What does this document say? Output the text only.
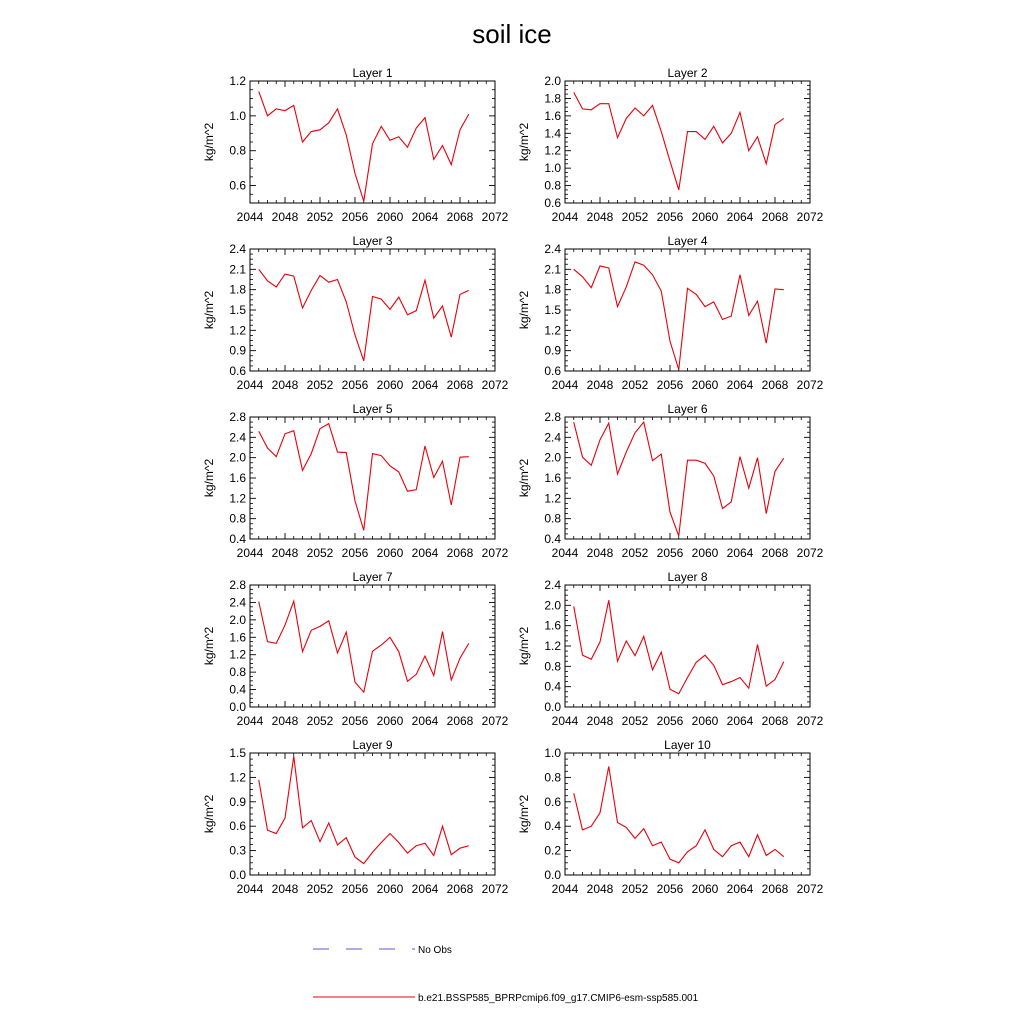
soil ice
2044 2048 2052 2056 2060 2064 2068 2072
0.6
0.8
1.0
1.2
Layer 1
kg/m^2
2044 2048 2052 2056 2060 2064 2068 2072
0.6
0.8
1.0
1.2
1.4
1.6
1.8
2.0
Layer 2
kg/m^2
2044 2048 2052 2056 2060 2064 2068 2072
0.6
0.9
1.2
1.5
1.8
2.1
2.4
Layer 3
kg/m^2
2044 2048 2052 2056 2060 2064 2068 2072
0.6
0.9
1.2
1.5
1.8
2.1
2.4
Layer 4
kg/m^2
2044 2048 2052 2056 2060 2064 2068 2072
0.4
0.8
1.2
1.6
2.0
2.4
2.8
Layer 5
kg/m^2
2044 2048 2052 2056 2060 2064 2068 2072
0.4
0.8
1.2
1.6
2.0
2.4
2.8
Layer 6
kg/m^2
2044 2048 2052 2056 2060 2064 2068 2072
0.0
0.4
0.8
1.2
1.6
2.0
2.4
2.8
Layer 7
kg/m^2
2044 2048 2052 2056 2060 2064 2068 2072
0.0
0.4
0.8
1.2
1.6
2.0
2.4
Layer 8
kg/m^2
2044 2048 2052 2056 2060 2064 2068 2072
0.0
0.3
0.6
0.9
1.2
1.5
Layer 9
kg/m^2
2044 2048 2052 2056 2060 2064 2068 2072
0.0
0.2
0.4
0.6
0.8
1.0
Layer 10
kg/m^2
No Obs
b.e21.BSSP585_BPRPcmip6.f09_g17.CMIP6-esm-ssp585.001
